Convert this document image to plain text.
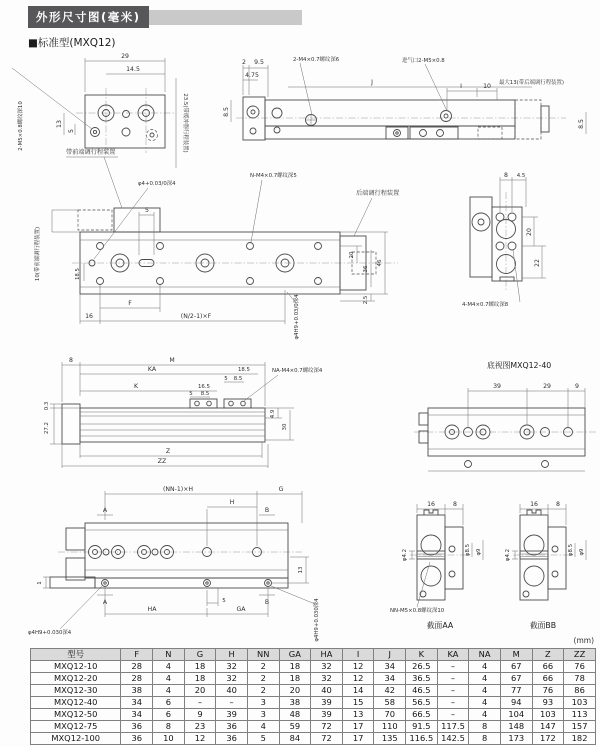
外形尺寸图(毫米)
■标准型(MXQ12)
29
14.5
13
5
2-M5×0.8螺纹深10	23.5(带缓冲器行程装置)
2 9.5
4.75
2-M4×0.7螺纹深6
J
进气口2-M5×0.8
I	10 最大13(带后端调行程装置)
8.5
8.5
带前端调行程装置
φ4+0.03/0深4
5
N-M4×0.7螺纹深5
后端调行程装置
18.5
10(带前端调行程装置)
F
16	(N/2-1)×F	φ4H9+0.03/0深4
20
36
46
2.5
8 4.5
20
22
4-M4×0.7螺纹深8
8	M
KA	18.5
5 8.5
K	16.5
5 8.5
0.3
27.2
4.9
30
Z
ZZ
NA-M4×0.7螺纹深4
底视图MXQ12-40
39	29	9
A	B
A	B
(NN-1)×H	G
H
1
13
5
HA	GA
φ4H9+0.030深4	φ4H9+0.030深4
16	8
φ4.2	φ8.5 φ9
NN-M5×0.8螺纹深10
截面AA
16	8
φ4.2	φ8.5 φ9
截面BB
(mm)
型号	F	N	G	H	NN	GA	HA	I	J	K	KA	NA	M	Z	ZZ
MXQ12-10	28	4	18	32	2	18	32	12	34	26.5	–	4	67	66	76
MXQ12-20	28	4	18	32	2	18	32	12	34	36.5	–	4	67	66	78
MXQ12-30	38	4	20	40	2	20	40	14	42	46.5	–	4	77	76	86
MXQ12-40	34	6	–	–	3	38	39	15	58	56.5	–	4	94	93	103
MXQ12-50	34	6	9	39	3	48	39	13	70	66.5	–	4	104	103	113
MXQ12-75	36	8	23	36	4	59	72	17	110	91.5	117.5	8	148	147	157
MXQ12-100	36	10	12	36	5	84	72	17	135	116.5	142.5	8	173	172	182
